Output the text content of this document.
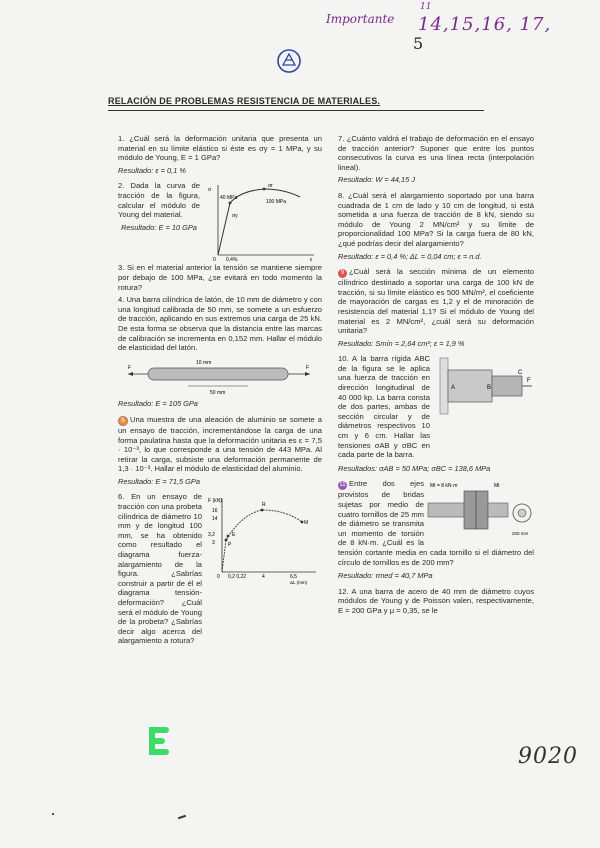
Importante
11
14,15,16, 17,
5
9020
RELACIÓN DE PROBLEMAS RESISTENCIA DE MATERIALES.

1. ¿Cuál será la deformación unitaria que presenta un material en su límite elástico si éste es σy = 1 MPa, y su módulo de Young, E = 1 GPa?

Resultado: ε = 0,1 %

2. Dada la curva de tracción de la figura, calcular el módulo de Young del material.

Resultado: E = 10 GPa

σr
40 MPa
100 MPa
σy
σ
0 0,4%	ε

3. Si en el material anterior la tensión se mantiene siempre por debajo de 100 MPa, ¿se evitará en todo momento la rotura?

4. Una barra cilíndrica de latón, de 10 mm de diámetro y con una longitud calibrada de 50 mm, se somete a un esfuerzo de tracción, aplicando en sus extremos una carga de 25 kN. De esta forma se observa que la distancia entre las marcas de calibración se incrementa en 0,152 mm. Hallar el módulo de elasticidad del latón.

F
10 mm
50 mm
F

Resultado: E = 105 GPa

5 Una muestra de una aleación de aluminio se somete a un ensayo de tracción, incrementándose la carga de una forma paulatina hasta que la deformación unitaria es ε = 7,5 · 10⁻³, lo que corresponde a una tensión de 443 MPa. Al retirar la carga, subsiste una deformación permanente de 1,3 · 10⁻³. Hallar el módulo de elasticidad del aluminio.

Resultado: E = 71,5 GPa

6. En un ensayo de tracción con una probeta cilíndrica de diámetro 10 mm y de longitud 100 mm, se ha obtenido como resultado el diagrama fuerza-alargamiento de la figura. ¿Sabrías construir a partir de él el diagrama tensión-deformación? ¿Cuál será el módulo de Young de la probeta? ¿Sabrías decir algo acerca del alargamiento a rotura?

F (kN)
16
14
3,2
3
R
E
P
M
0 0,2 0,22	4	6,5
ΔL (mm)

7. ¿Cuánto valdrá el trabajo de deformación en el ensayo de tracción anterior? Suponer que entre los puntos consecutivos la curva es una línea recta (interpolación lineal).

Resultado: W = 44,15 J

8. ¿Cuál será el alargamiento soportado por una barra cuadrada de 1 cm de lado y 10 cm de longitud, si está sometida a una fuerza de tracción de 8 kN, siendo su módulo de Young 2 MN/cm² y su límite de proporcionalidad 100 MPa? Si la carga fuera de 80 kN, ¿qué podrías decir del alargamiento?

Resultado: ε = 0,4 %; ΔL = 0,04 cm; ε = n.d.

9 ¿Cuál será la sección mínima de un elemento cilíndrico destinado a soportar una carga de 100 kN de tracción, si su límite elástico es 500 MN/m², el coeficiente de mayoración de cargas es 1,2 y el de minoración de resistencia del material 1,1? Si el módulo de Young del material es 2 MN/cm², ¿cuál será su deformación unitaria?

Resultado: Smín = 2,64 cm²; ε = 1,9 %

10. A la barra rígida ABC de la figura se le aplica una fuerza de tracción en dirección longitudinal de 40 000 kp. La barra consta de dos partes, ambas de sección circular y de diámetros respectivos 10 cm y 6 cm. Hallar las tensiones σAB y σBC en cada parte de la barra.

A	B
C
F

Resultados: σAB = 50 MPa; σBC = 138,6 MPa

Mt = 8 kN·m	Mt
200 mm

11 Entre dos ejes provistos de bridas sujetas por medio de cuatro tornillos de 25 mm de diámetro se transmita un momento de torsión de 8 kN·m. ¿Cuál es la tensión cortante media en cada tornillo si el diámetro del círculo de tornillos es de 200 mm?

Resultado: τmed = 40,7 MPa

12. A una barra de acero de 40 mm de diámetro cuyos módulos de Young y de Poisson valen, respectivamente, E = 200 GPa y μ = 0,35, se le
